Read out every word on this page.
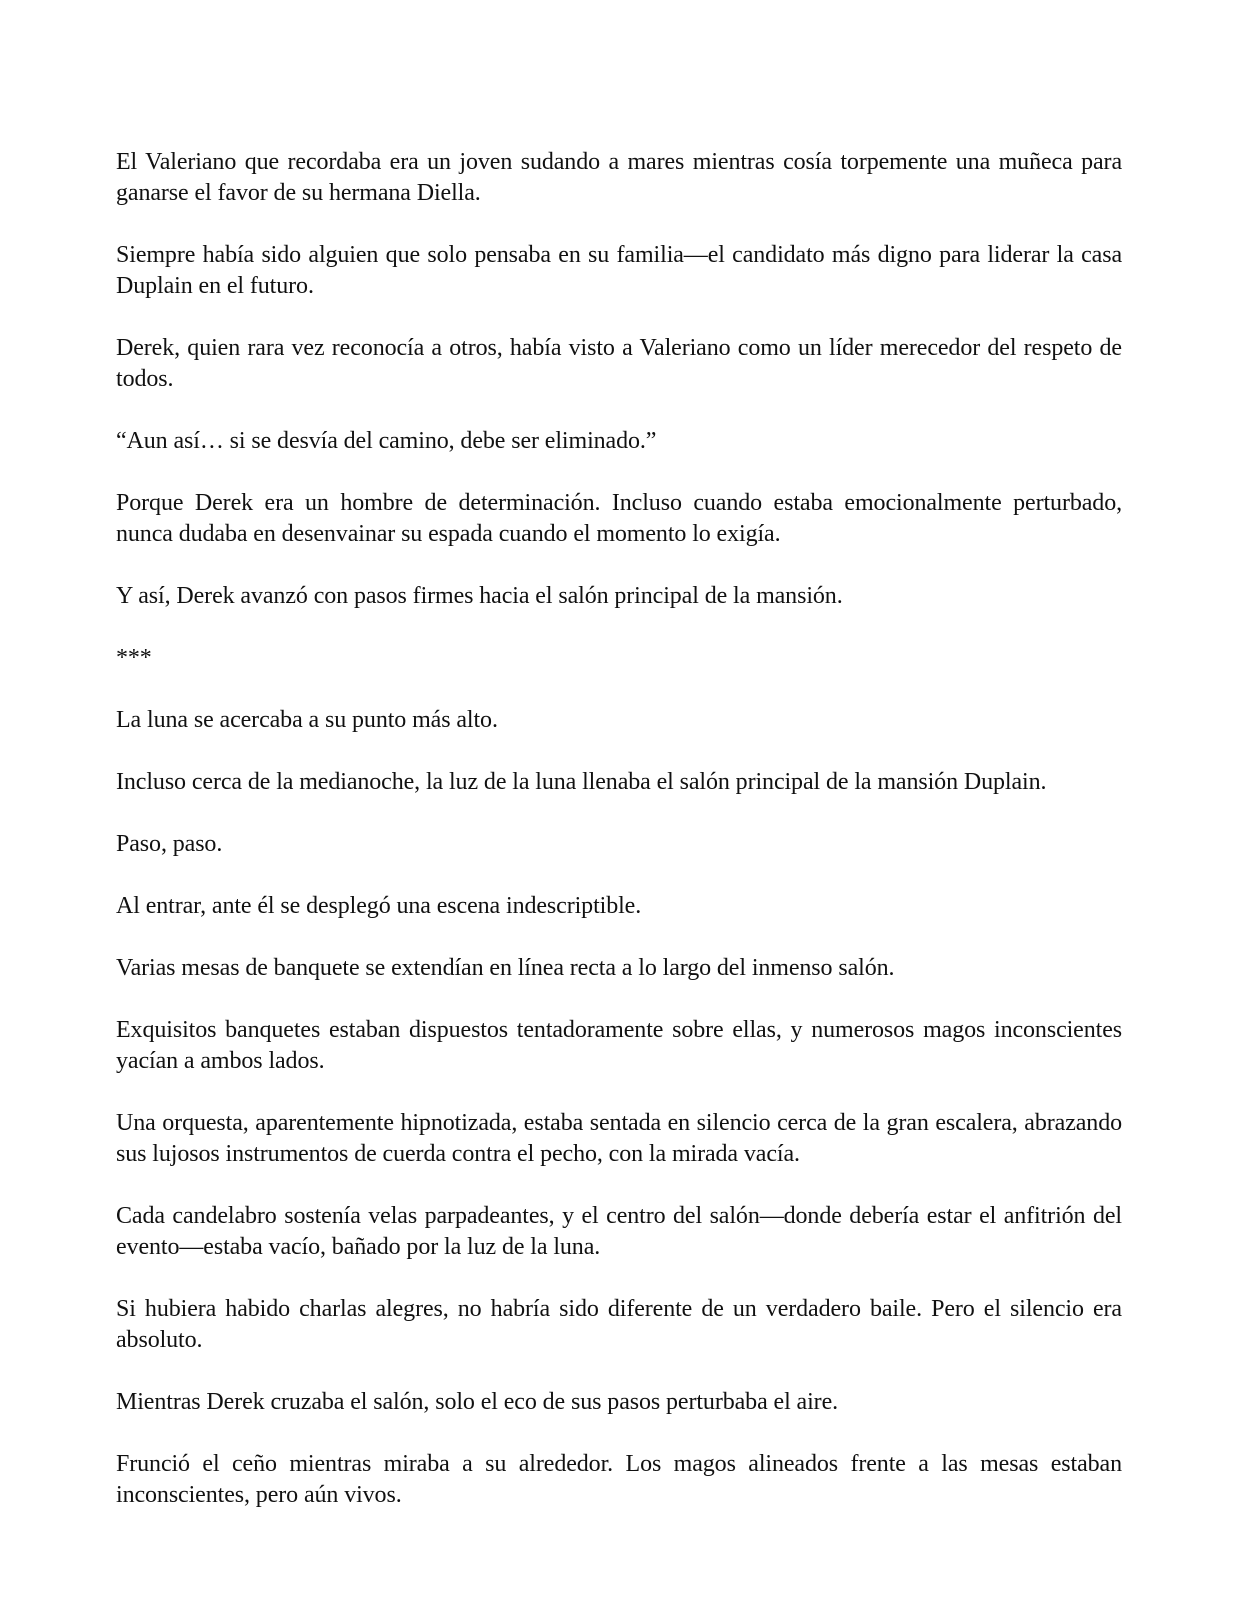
El Valeriano que recordaba era un joven sudando a mares mientras cosía torpemente una muñeca para ganarse el favor de su hermana Diella.

Siempre había sido alguien que solo pensaba en su familia—el candidato más digno para liderar la casa Duplain en el futuro.

Derek, quien rara vez reconocía a otros, había visto a Valeriano como un líder merecedor del respeto de todos.

“Aun así… si se desvía del camino, debe ser eliminado.”

Porque Derek era un hombre de determinación. Incluso cuando estaba emocionalmente perturbado, nunca dudaba en desenvainar su espada cuando el momento lo exigía.

Y así, Derek avanzó con pasos firmes hacia el salón principal de la mansión.

***

La luna se acercaba a su punto más alto.

Incluso cerca de la medianoche, la luz de la luna llenaba el salón principal de la mansión Duplain.

Paso, paso.

Al entrar, ante él se desplegó una escena indescriptible.

Varias mesas de banquete se extendían en línea recta a lo largo del inmenso salón.

Exquisitos banquetes estaban dispuestos tentadoramente sobre ellas, y numerosos magos inconscientes yacían a ambos lados.

Una orquesta, aparentemente hipnotizada, estaba sentada en silencio cerca de la gran escalera, abrazando sus lujosos instrumentos de cuerda contra el pecho, con la mirada vacía.

Cada candelabro sostenía velas parpadeantes, y el centro del salón—donde debería estar el anfitrión del evento—estaba vacío, bañado por la luz de la luna.

Si hubiera habido charlas alegres, no habría sido diferente de un verdadero baile. Pero el silencio era absoluto.

Mientras Derek cruzaba el salón, solo el eco de sus pasos perturbaba el aire.

Frunció el ceño mientras miraba a su alrededor. Los magos alineados frente a las mesas estaban inconscientes, pero aún vivos.
